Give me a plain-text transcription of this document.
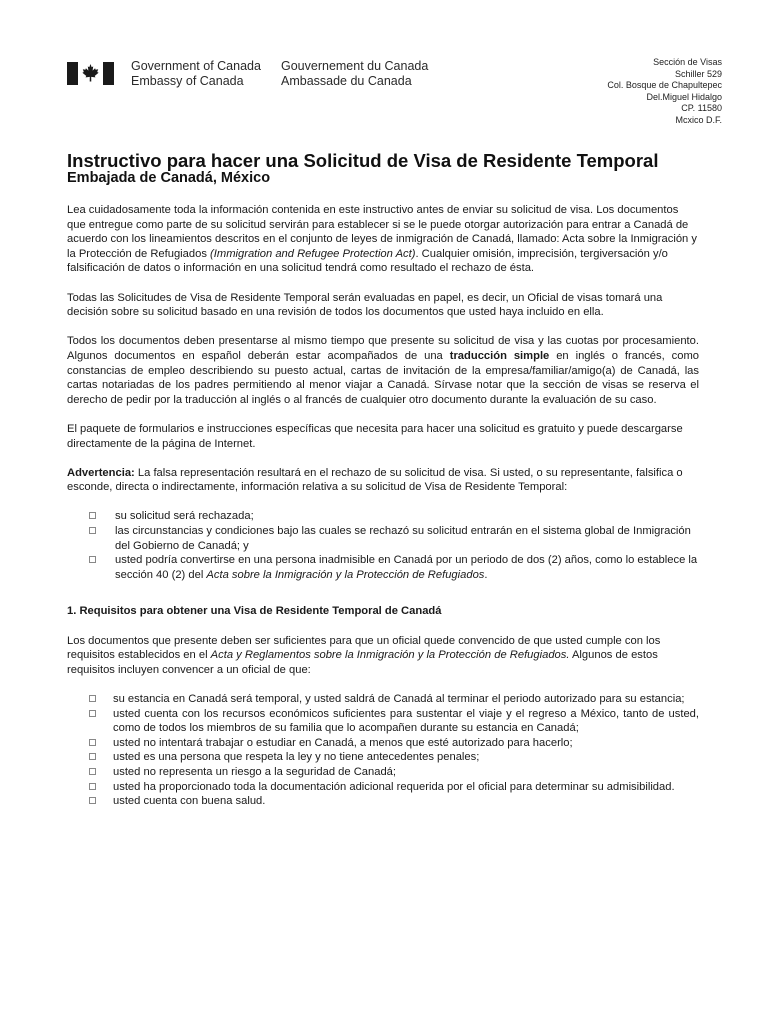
Government of Canada
Embassy of Canada
Gouvernement du Canada
Ambassade du Canada
Sección de Visas
Schiller 529
Col. Bosque de Chapultepec
Del.Miguel Hidalgo
CP. 11580
Mcxico D.F.
Instructivo para hacer una Solicitud de Visa de Residente Temporal
Embajada de Canadá, México

Lea cuidadosamente toda la información contenida en este instructivo antes de enviar su solicitud de visa. Los documentos que entregue como parte de su solicitud servirán para establecer si se le puede otorgar autorización para entrar a Canadá de acuerdo con los lineamientos descritos en el conjunto de leyes de inmigración de Canadá, llamado: Acta sobre la Inmigración y la Protección de Refugiados (Immigration and Refugee Protection Act). Cualquier omisión, imprecisión, tergiversación y/o falsificación de datos o información en una solicitud tendrá como resultado el rechazo de ésta.

Todas las Solicitudes de Visa de Residente Temporal serán evaluadas en papel, es decir, un Oficial de visas tomará una decisión sobre su solicitud basado en una revisión de todos los documentos que usted haya incluido en ella.

Todos los documentos deben presentarse al mismo tiempo que presente su solicitud de visa y las cuotas por procesamiento. Algunos documentos en español deberán estar acompañados de una traducción simple en inglés o francés, como constancias de empleo describiendo su puesto actual, cartas de invitación de la empresa/familiar/amigo(a) de Canadá, las cartas notariadas de los padres permitiendo al menor viajar a Canadá. Sírvase notar que la sección de visas se reserva el derecho de pedir por la traducción al inglés o al francés de cualquier otro documento durante la evaluación de su caso.

El paquete de formularios e instrucciones específicas que necesita para hacer una solicitud es gratuito y puede descargarse directamente de la página de Internet.

Advertencia: La falsa representación resultará en el rechazo de su solicitud de visa. Si usted, o su representante, falsifica o esconde, directa o indirectamente, información relativa a su solicitud de Visa de Residente Temporal:

su solicitud será rechazada;
las circunstancias y condiciones bajo las cuales se rechazó su solicitud entrarán en el sistema global de Inmigración del Gobierno de Canadá; y
usted podría convertirse en una persona inadmisible en Canadá por un periodo de dos (2) años, como lo establece la sección 40 (2) del Acta sobre la Inmigración y la Protección de Refugiados.
1. Requisitos para obtener una Visa de Residente Temporal de Canadá

Los documentos que presente deben ser suficientes para que un oficial quede convencido de que usted cumple con los requisitos establecidos en el Acta y Reglamentos sobre la Inmigración y la Protección de Refugiados. Algunos de estos requisitos incluyen convencer a un oficial de que:

su estancia en Canadá será temporal, y usted saldrá de Canadá al terminar el periodo autorizado para su estancia;
usted cuenta con los recursos económicos suficientes para sustentar el viaje y el regreso a México, tanto de usted, como de todos los miembros de su familia que lo acompañen durante su estancia en Canadá;
usted no intentará trabajar o estudiar en Canadá, a menos que esté autorizado para hacerlo;
usted es una persona que respeta la ley y no tiene antecedentes penales;
usted no representa un riesgo a la seguridad de Canadá;
usted ha proporcionado toda la documentación adicional requerida por el oficial para determinar su admisibilidad.
usted cuenta con buena salud.
